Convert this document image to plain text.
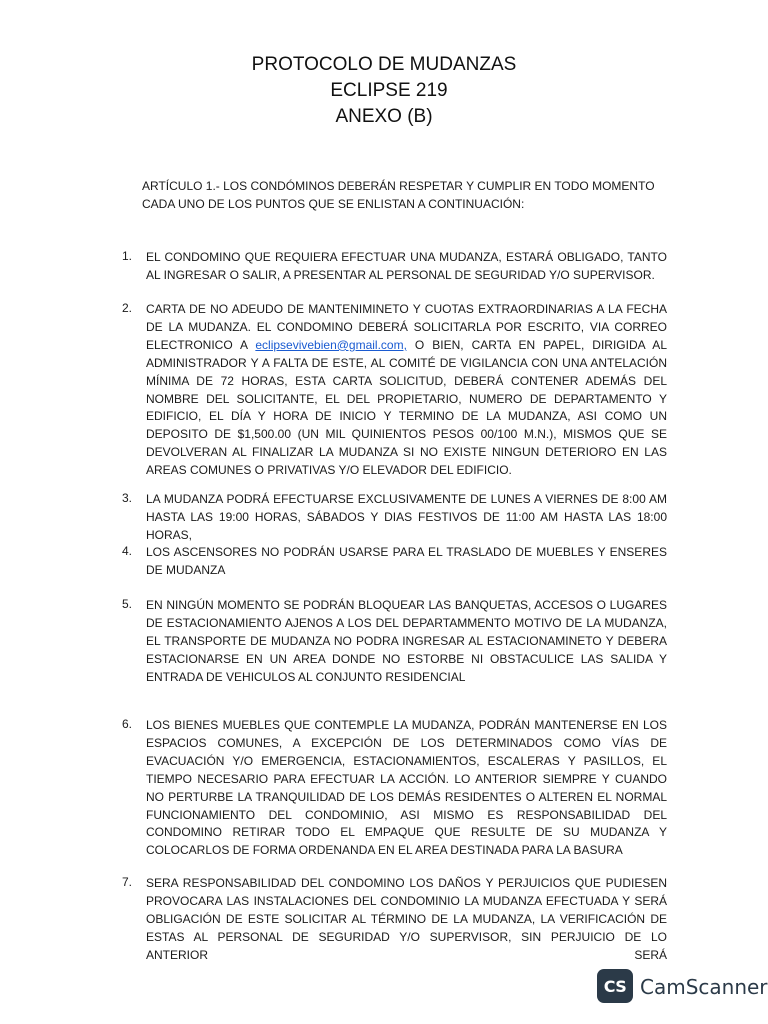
PROTOCOLO DE MUDANZAS
ECLIPSE 219
ANEXO (B)
ARTÍCULO 1.- LOS CONDÓMINOS DEBERÁN RESPETAR Y CUMPLIR EN TODO MOMENTO CADA UNO DE LOS PUNTOS QUE SE ENLISTAN A CONTINUACIÓN:
1.	EL CONDOMINO QUE REQUIERA EFECTUAR UNA MUDANZA, ESTARÁ OBLIGADO, TANTO AL INGRESAR O SALIR, A PRESENTAR AL PERSONAL DE SEGURIDAD Y/O SUPERVISOR.
2.	CARTA DE NO ADEUDO DE MANTENIMINETO Y CUOTAS EXTRAORDINARIAS A LA FECHA DE LA MUDANZA. EL CONDOMINO DEBERÁ SOLICITARLA POR ESCRITO, VIA CORREO ELECTRONICO A eclipsevivebien@gmail.com, O BIEN, CARTA EN PAPEL, DIRIGIDA AL ADMINISTRADOR Y A FALTA DE ESTE, AL COMITÉ DE VIGILANCIA CON UNA ANTELACIÓN MÍNIMA DE 72 HORAS, ESTA CARTA SOLICITUD, DEBERÁ CONTENER ADEMÁS DEL NOMBRE DEL SOLICITANTE, EL DEL PROPIETARIO, NUMERO DE DEPARTAMENTO Y EDIFICIO, EL DÍA Y HORA DE INICIO Y TERMINO DE LA MUDANZA, ASI COMO UN DEPOSITO DE $1,500.00 (UN MIL QUINIENTOS PESOS 00/100 M.N.), MISMOS QUE SE DEVOLVERAN AL FINALIZAR LA MUDANZA SI NO EXISTE NINGUN DETERIORO EN LAS AREAS COMUNES O PRIVATIVAS Y/O ELEVADOR DEL EDIFICIO.
3.	LA MUDANZA PODRÁ EFECTUARSE EXCLUSIVAMENTE DE LUNES A VIERNES DE 8:00 AM HASTA LAS 19:00 HORAS, SÁBADOS Y DIAS FESTIVOS DE 11:00 AM HASTA LAS 18:00 HORAS,
4.	LOS ASCENSORES NO PODRÁN USARSE PARA EL TRASLADO DE MUEBLES Y ENSERES DE MUDANZA
5.	EN NINGÚN MOMENTO SE PODRÁN BLOQUEAR LAS BANQUETAS, ACCESOS O LUGARES DE ESTACIONAMIENTO AJENOS A LOS DEL DEPARTAMMENTO MOTIVO DE LA MUDANZA, EL TRANSPORTE DE MUDANZA NO PODRA INGRESAR AL ESTACIONAMINETO Y DEBERA ESTACIONARSE EN UN AREA DONDE NO ESTORBE NI OBSTACULICE LAS SALIDA Y ENTRADA DE VEHICULOS AL CONJUNTO RESIDENCIAL
6.	LOS BIENES MUEBLES QUE CONTEMPLE LA MUDANZA, PODRÁN MANTENERSE EN LOS ESPACIOS COMUNES, A EXCEPCIÓN DE LOS DETERMINADOS COMO VÍAS DE EVACUACIÓN Y/O EMERGENCIA, ESTACIONAMIENTOS, ESCALERAS Y PASILLOS, EL TIEMPO NECESARIO PARA EFECTUAR LA ACCIÓN. LO ANTERIOR SIEMPRE Y CUANDO NO PERTURBE LA TRANQUILIDAD DE LOS DEMÁS RESIDENTES O ALTEREN EL NORMAL FUNCIONAMIENTO DEL CONDOMINIO, ASI MISMO ES RESPONSABILIDAD DEL CONDOMINO RETIRAR TODO EL EMPAQUE QUE RESULTE DE SU MUDANZA Y COLOCARLOS DE FORMA ORDENANDA EN EL AREA DESTINADA PARA LA BASURA
7.	SERA RESPONSABILIDAD DEL CONDOMINO LOS DAÑOS Y PERJUICIOS QUE PUDIESEN PROVOCARA LAS INSTALACIONES DEL CONDOMINIO LA MUDANZA EFECTUADA Y SERÁ OBLIGACIÓN DE ESTE SOLICITAR AL TÉRMINO DE LA MUDANZA, LA VERIFICACIÓN DE ESTAS AL PERSONAL DE SEGURIDAD Y/O SUPERVISOR, SIN PERJUICIO DE LO ANTERIOR SERÁ
CS CamScanner
